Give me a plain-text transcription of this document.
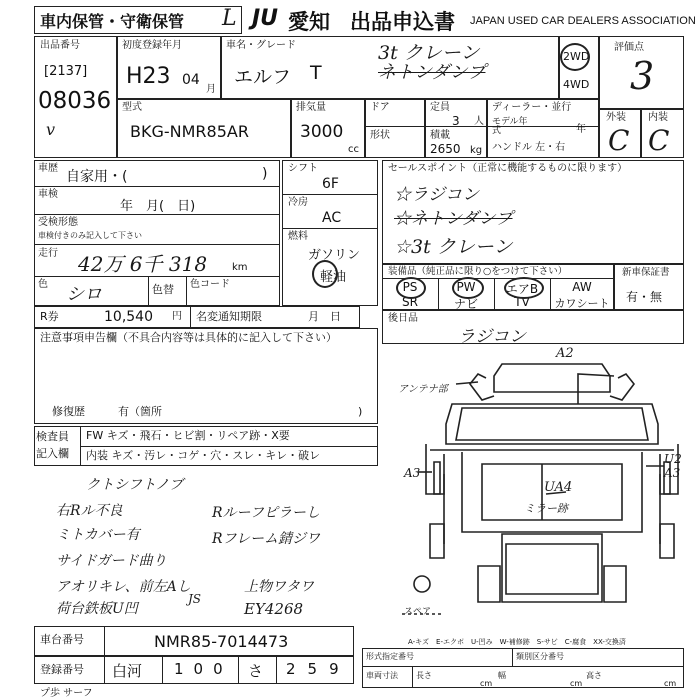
車内保管・守衛保管 L JU 愛知 出品申込書 JAPAN USED CAR DEALERS ASSOCIATION
出品番号
[2137]
08036
v
初度登録年月
H23 04
月
車名・グレード
エルフ T
3t クレーン
ネトンダンプ
2WD
4WD
評価点
3
型式
BKG-NMR85AR
排気量
3000
cc
ドア
形状
定員
3 人
積載
2650 kg
ディーラー・並行
モデル年式	年
ハンドル 左・右
外装 内装
C C
車歴
自家用・(	)
車検
年　月(　日)
受検形態
車検付きのみ記入して下さい
走行 42万 6千 318 km
色 シロ	色替 色コード
R券	10,540 円 名変通知期限	月　日
シフト
6F
冷房
AC
燃料
ガソリン
軽油
セールスポイント（正常に機能するものに限ります）
☆ラジコン
☆ネトンダンプ
☆3t クレーン
装備品（純正品に限り○をつけて下さい）
PS	PW	エアB	AW
SR	ナビ	TV	カワシート
新車保証書
有・無
後日品
ラジコン
注意事項申告欄（不具合内容等は具体的に記入して下さい）
修復歴	有（箇所	)
検査員
記入欄
FW キズ・飛石・ヒビ割・リペア跡・X要
内装 キズ・汚レ・コゲ・穴・スレ・キレ・破レ
クトシフトノブ
右Rル不良
ミトカバー有
サイドガード曲り
Rルーフピラーし
Rフレーム錆ジワ
アオリキレ、前左Aし
荷台鉄板U凹
上物ワタワ
EY4268
JS
A2
U2
A3	A3
UA4
ミラー跡
アンテナ部
スペア
A-キズ　E-エクボ　U-凹み　W-補修跡　S-サビ　C-腐食　XX-交換済
車台番号	NMR85-7014473
登録番号 白河 100 さ 259
プ歩 サーフ
形式指定番号	類別区分番号
車両寸法 長さ
cm
幅
cm
高さ
cm
